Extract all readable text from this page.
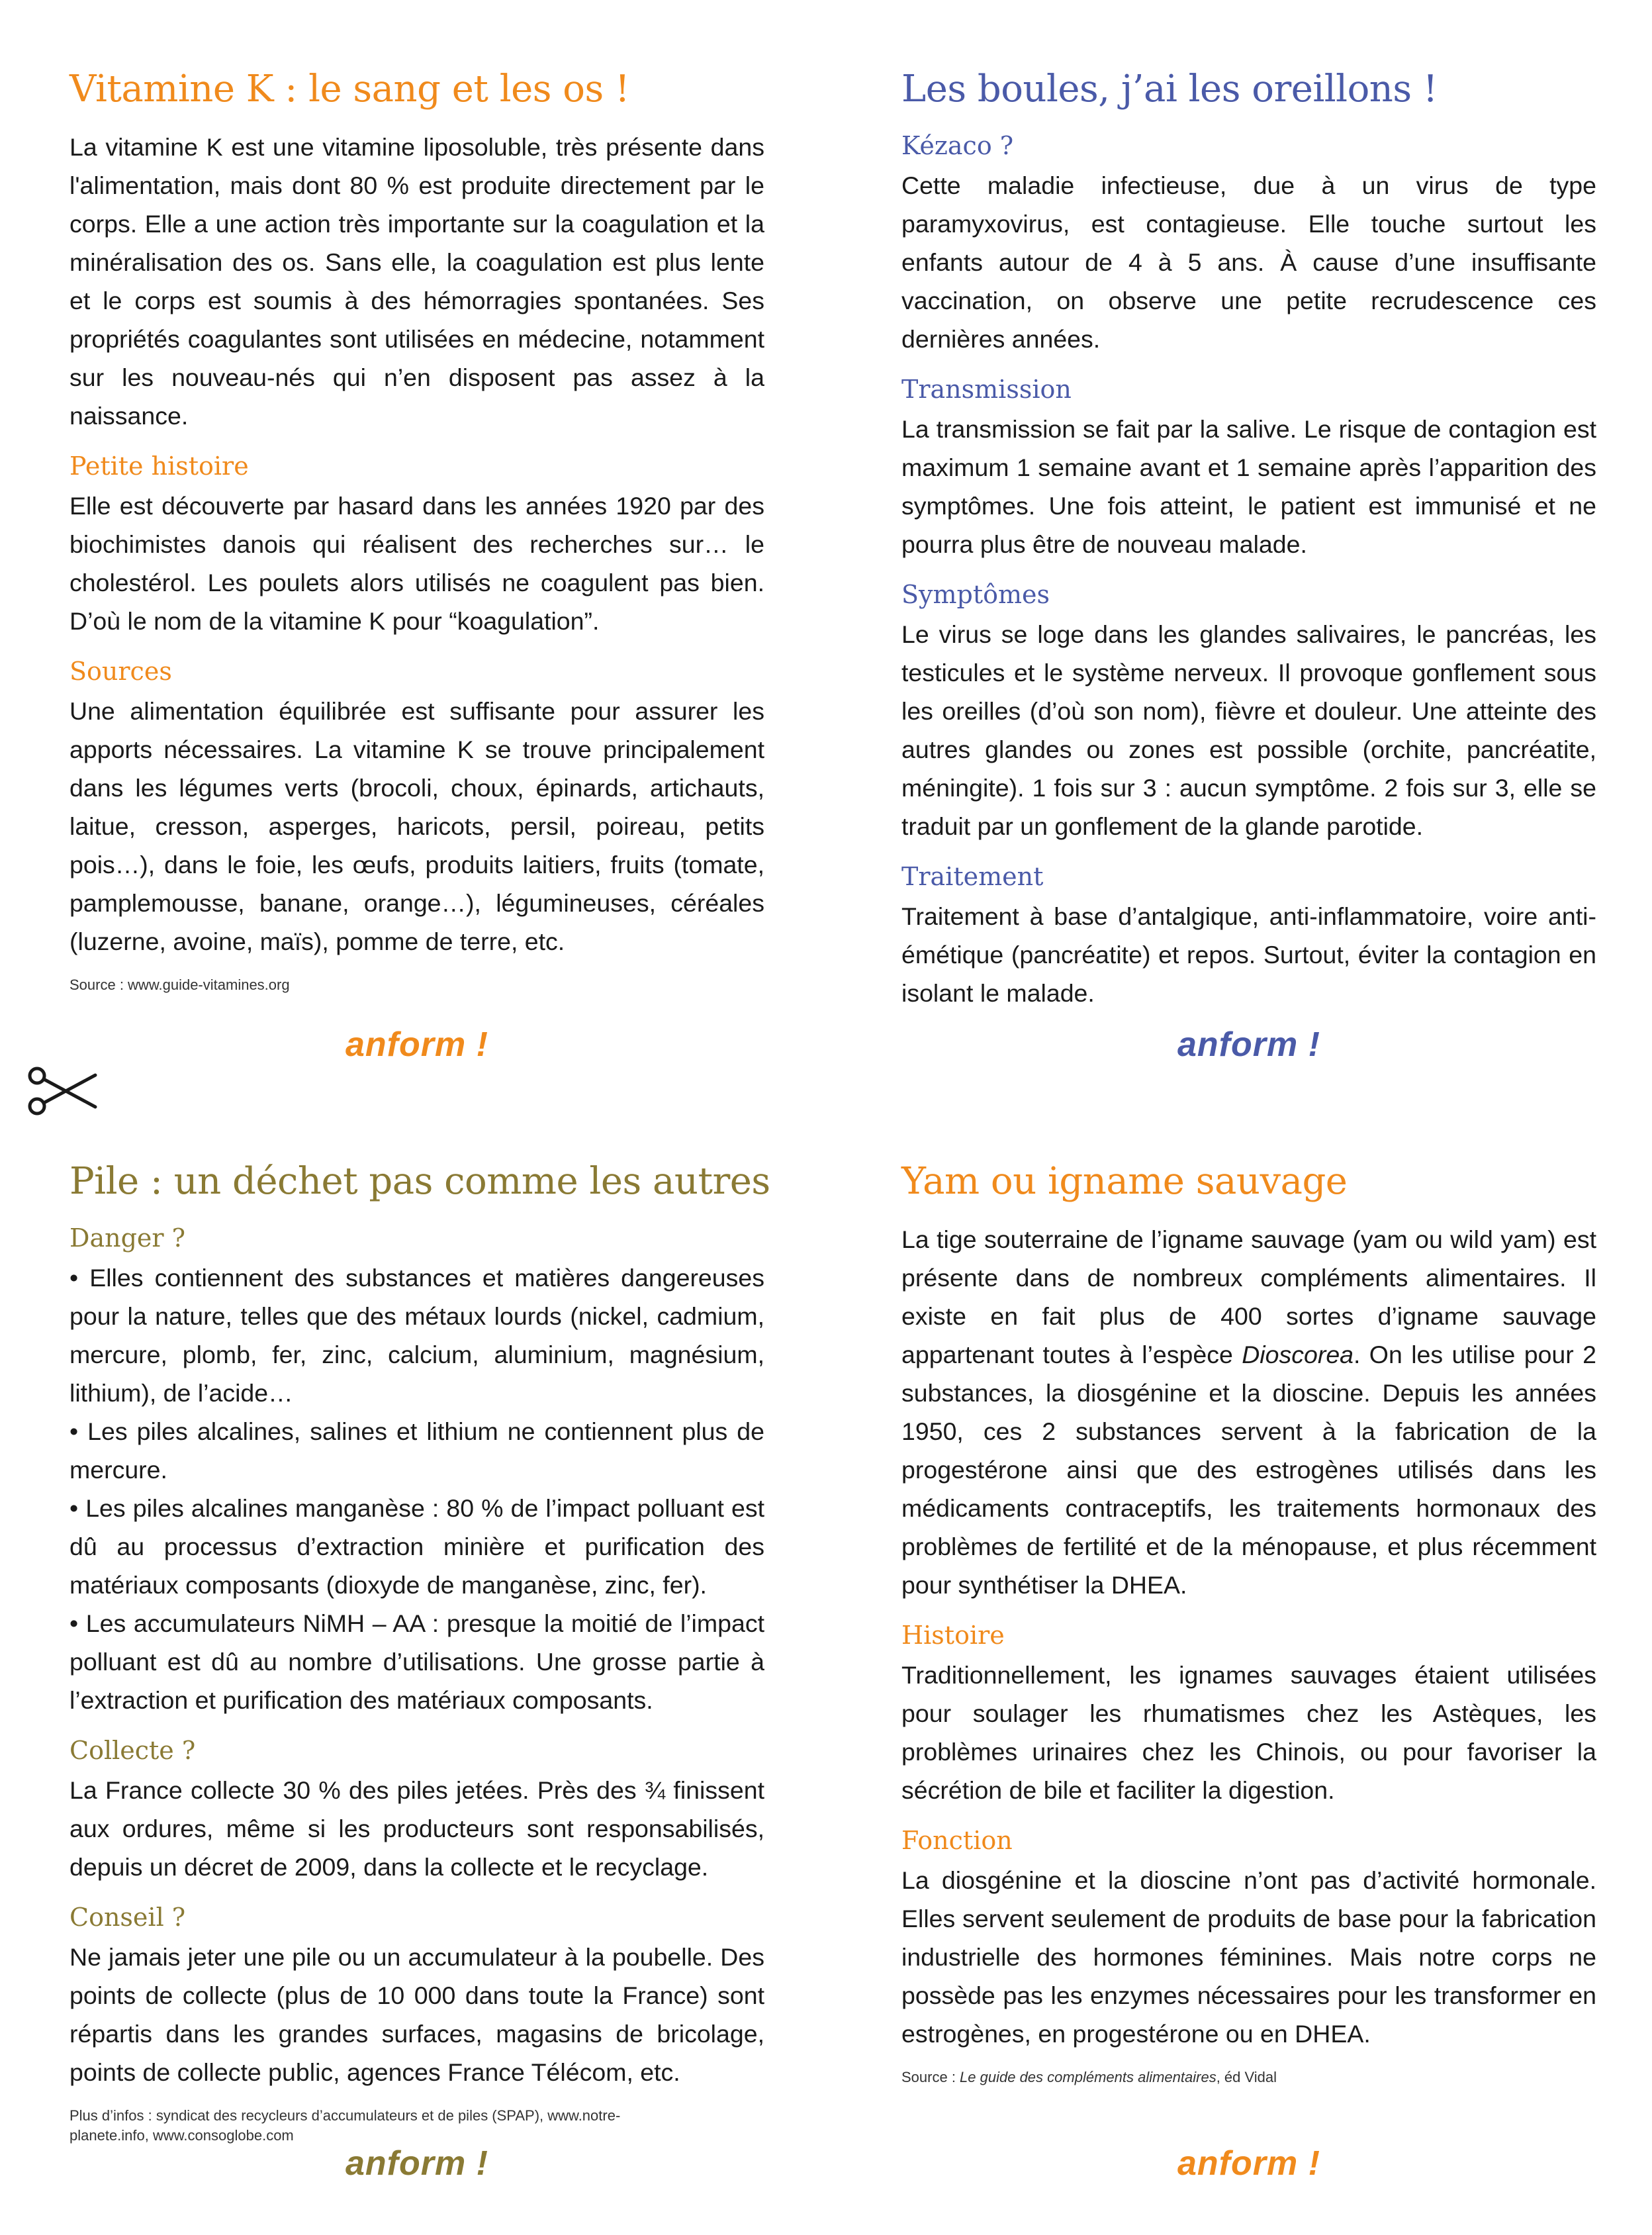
Vitamine K : le sang et les os !

La vitamine K est une vitamine liposoluble, très présente dans l'alimentation, mais dont 80 % est produite directement par le corps. Elle a une action très importante sur la coagulation et la minéralisation des os. Sans elle, la coagulation est plus lente et le corps est soumis à des hémorragies spontanées. Ses propriétés coagulantes sont utilisées en médecine, notamment sur les nouveau-nés qui n’en disposent pas assez à la naissance.

Petite histoire

Elle est découverte par hasard dans les années 1920 par des biochimistes danois qui réalisent des recherches sur… le cholestérol. Les poulets alors utilisés ne coagulent pas bien. D’où le nom de la vitamine K pour “koagulation”.

Sources

Une alimentation équilibrée est suffisante pour assurer les apports nécessaires. La vitamine K se trouve principalement dans les légumes verts (brocoli, choux, épinards, artichauts, laitue, cresson, asperges, haricots, persil, poireau, petits pois…), dans le foie, les œufs, produits laitiers, fruits (tomate, pamplemousse, banane, orange…), légumineuses, céréales (luzerne, avoine, maïs), pomme de terre, etc.

Source : www.guide-vitamines.org

Les boules, j’ai les oreillons !
Kézaco ?

Cette maladie infectieuse, due à un virus de type paramyxovirus, est contagieuse. Elle touche surtout les enfants autour de 4 à 5 ans. À cause d’une insuffisante vaccination, on observe une petite recrudescence ces dernières années.

Transmission

La transmission se fait par la salive. Le risque de contagion est maximum 1 semaine avant et 1 semaine après l’apparition des symptômes. Une fois atteint, le patient est immunisé et ne pourra plus être de nouveau malade.

Symptômes

Le virus se loge dans les glandes salivaires, le pancréas, les testicules et le système nerveux. Il provoque gonflement sous les oreilles (d’où son nom), fièvre et douleur. Une atteinte des autres glandes ou zones est possible (orchite, pancréatite, méningite). 1 fois sur 3 : aucun symptôme. 2 fois sur 3, elle se traduit par un gonflement de la glande parotide.

Traitement

Traitement à base d’antalgique, anti-inflammatoire, voire anti-émétique (pancréatite) et repos. Surtout, éviter la contagion en isolant le malade.

anform !	anform !
Pile : un déchet pas comme les autres
Danger ?

• Elles contiennent des substances et matières dangereuses pour la nature, telles que des métaux lourds (nickel, cadmium, mercure, plomb, fer, zinc, calcium, aluminium, magnésium, lithium), de l’acide…

• Les piles alcalines, salines et lithium ne contiennent plus de mercure.

• Les piles alcalines manganèse : 80 % de l’impact polluant est dû au processus d’extraction minière et purification des matériaux composants (dioxyde de manganèse, zinc, fer).

• Les accumulateurs NiMH – AA : presque la moitié de l’impact polluant est dû au nombre d’utilisations. Une grosse partie à l’extraction et purification des matériaux composants.

Collecte ?

La France collecte 30 % des piles jetées. Près des ¾ finissent aux ordures, même si les producteurs sont responsabilisés, depuis un décret de 2009, dans la collecte et le recyclage.

Conseil ?

Ne jamais jeter une pile ou un accumulateur à la poubelle. Des points de collecte (plus de 10 000 dans toute la France) sont répartis dans les grandes surfaces, magasins de bricolage, points de collecte public, agences France Télécom, etc.

Plus d’infos : syndicat des recycleurs d’accumulateurs et de piles (SPAP), www.notre-planete.info, www.consoglobe.com

Yam ou igname sauvage

La tige souterraine de l’igname sauvage (yam ou wild yam) est présente dans de nombreux compléments alimentaires. Il existe en fait plus de 400 sortes d’igname sauvage appartenant toutes à l’espèce Dioscorea. On les utilise pour 2 substances, la diosgénine et la dioscine. Depuis les années 1950, ces 2 substances servent à la fabrication de la progestérone ainsi que des estrogènes utilisés dans les médicaments contraceptifs, les traitements hormonaux des problèmes de fertilité et de la ménopause, et plus récemment pour synthétiser la DHEA.

Histoire

Traditionnellement, les ignames sauvages étaient utilisées pour soulager les rhumatismes chez les Astèques, les problèmes urinaires chez les Chinois, ou pour favoriser la sécrétion de bile et faciliter la digestion.

Fonction

La diosgénine et la dioscine n’ont pas d’activité hormonale. Elles servent seulement de produits de base pour la fabrication industrielle des hormones féminines. Mais notre corps ne possède pas les enzymes nécessaires pour les transformer en estrogènes, en progestérone ou en DHEA.

Source : Le guide des compléments alimentaires, éd Vidal

anform !	anform !
